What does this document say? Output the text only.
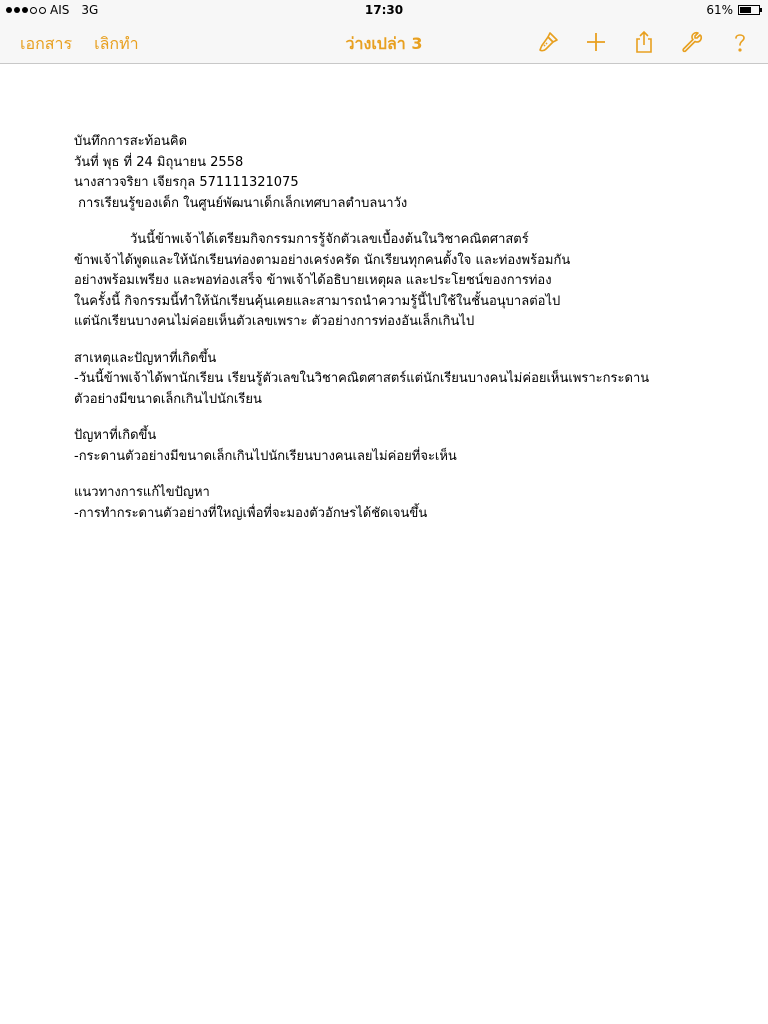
AIS 3G	17:30	61%
เอกสาร เลิกทำ	ว่างเปล่า 3
บันทึกการสะท้อนคิด
วันที่ พุธ ที่ 24 มิถุนายน 2558
นางสาวจริยา เจียรกุล 571111321075
การเรียนรู้ของเด็ก ในศูนย์พัฒนาเด็กเล็กเทศบาลตำบลนาวัง
วันนี้ข้าพเจ้าได้เตรียมกิจกรรมการรู้จักตัวเลขเบื้องต้นในวิชาคณิตศาสตร์
ข้าพเจ้าได้พูดและให้นักเรียนท่องตามอย่างเคร่งครัด นักเรียนทุกคนตั้งใจ และท่องพร้อมกัน
อย่างพร้อมเพรียง และพอท่องเสร็จ ข้าพเจ้าได้อธิบายเหตุผล และประโยชน์ของการท่อง
ในครั้งนี้ กิจกรรมนี้ทำให้นักเรียนคุ้นเคยและสามารถนำความรู้นี้ไปใช้ในชั้นอนุบาลต่อไป
แต่นักเรียนบางคนไม่ค่อยเห็นตัวเลขเพราะ ตัวอย่างการท่องอันเล็กเกินไป
สาเหตุและปัญหาที่เกิดขึ้น
-วันนี้ข้าพเจ้าได้พานักเรียน เรียนรู้ตัวเลขในวิชาคณิตศาสตร์แต่นักเรียนบางคนไม่ค่อยเห็นเพราะกระดาน
ตัวอย่างมีขนาดเล็กเกินไปนักเรียน
ปัญหาที่เกิดขึ้น
-กระดานตัวอย่างมีขนาดเล็กเกินไปนักเรียนบางคนเลยไม่ค่อยที่จะเห็น
แนวทางการแก้ไขปัญหา
-การทำกระดานตัวอย่างที่ใหญ่เพื่อที่จะมองตัวอักษรได้ชัดเจนขึ้น
